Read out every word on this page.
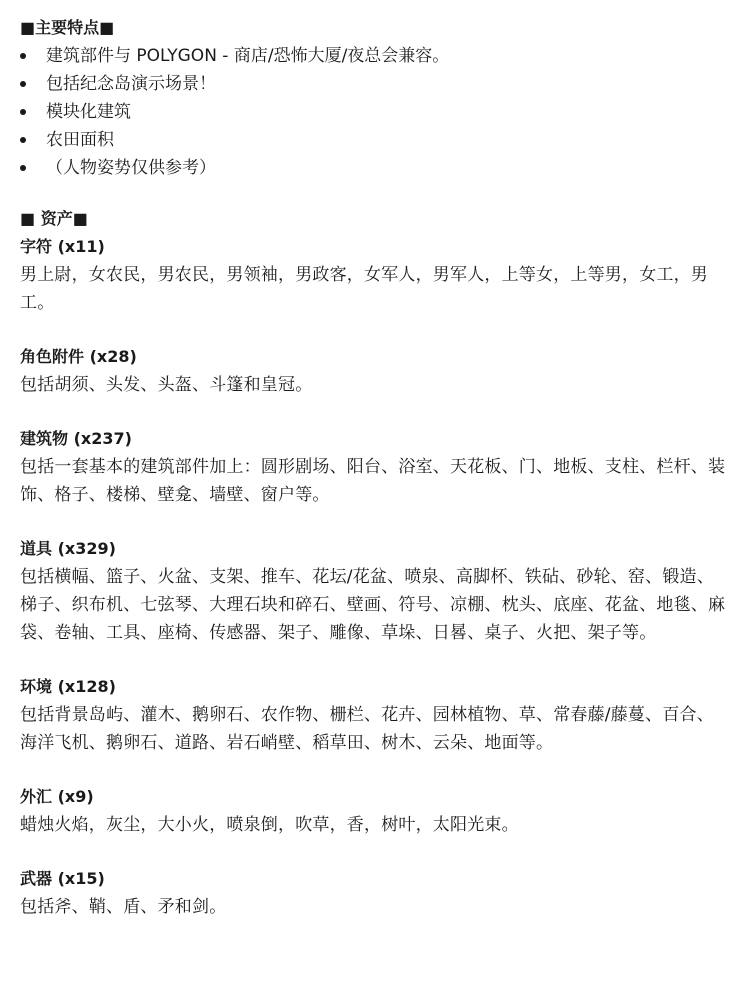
■主要特点■
建筑部件与 POLYGON - 商店/恐怖大厦/夜总会兼容。
包括纪念岛演示场景！
模块化建筑
农田面积
（人物姿势仅供参考）
■ 资产■
字符 (x11)
男上尉，女农民，男农民，男领袖，男政客，女军人，男军人，上等女，上等男，女工，男工。
角色附件 (x28)
包括胡须、头发、头盔、斗篷和皇冠。
建筑物 (x237)
包括一套基本的建筑部件加上：圆形剧场、阳台、浴室、天花板、门、地板、支柱、栏杆、装饰、格子、楼梯、壁龛、墙壁、窗户等。
道具 (x329)
包括横幅、篮子、火盆、支架、推车、花坛/花盆、喷泉、高脚杯、铁砧、砂轮、窑、锻造、梯子、织布机、七弦琴、大理石块和碎石、壁画、符号、凉棚、枕头、底座、花盆、地毯、麻袋、卷轴、工具、座椅、传感器、架子、雕像、草垛、日晷、桌子、火把、架子等。
环境 (x128)
包括背景岛屿、灌木、鹅卵石、农作物、栅栏、花卉、园林植物、草、常春藤/藤蔓、百合、海洋飞机、鹅卵石、道路、岩石峭壁、稻草田、树木、云朵、地面等。
外汇 (x9)
蜡烛火焰，灰尘，大小火，喷泉倒，吹草，香，树叶，太阳光束。
武器 (x15)
包括斧、鞘、盾、矛和剑。
